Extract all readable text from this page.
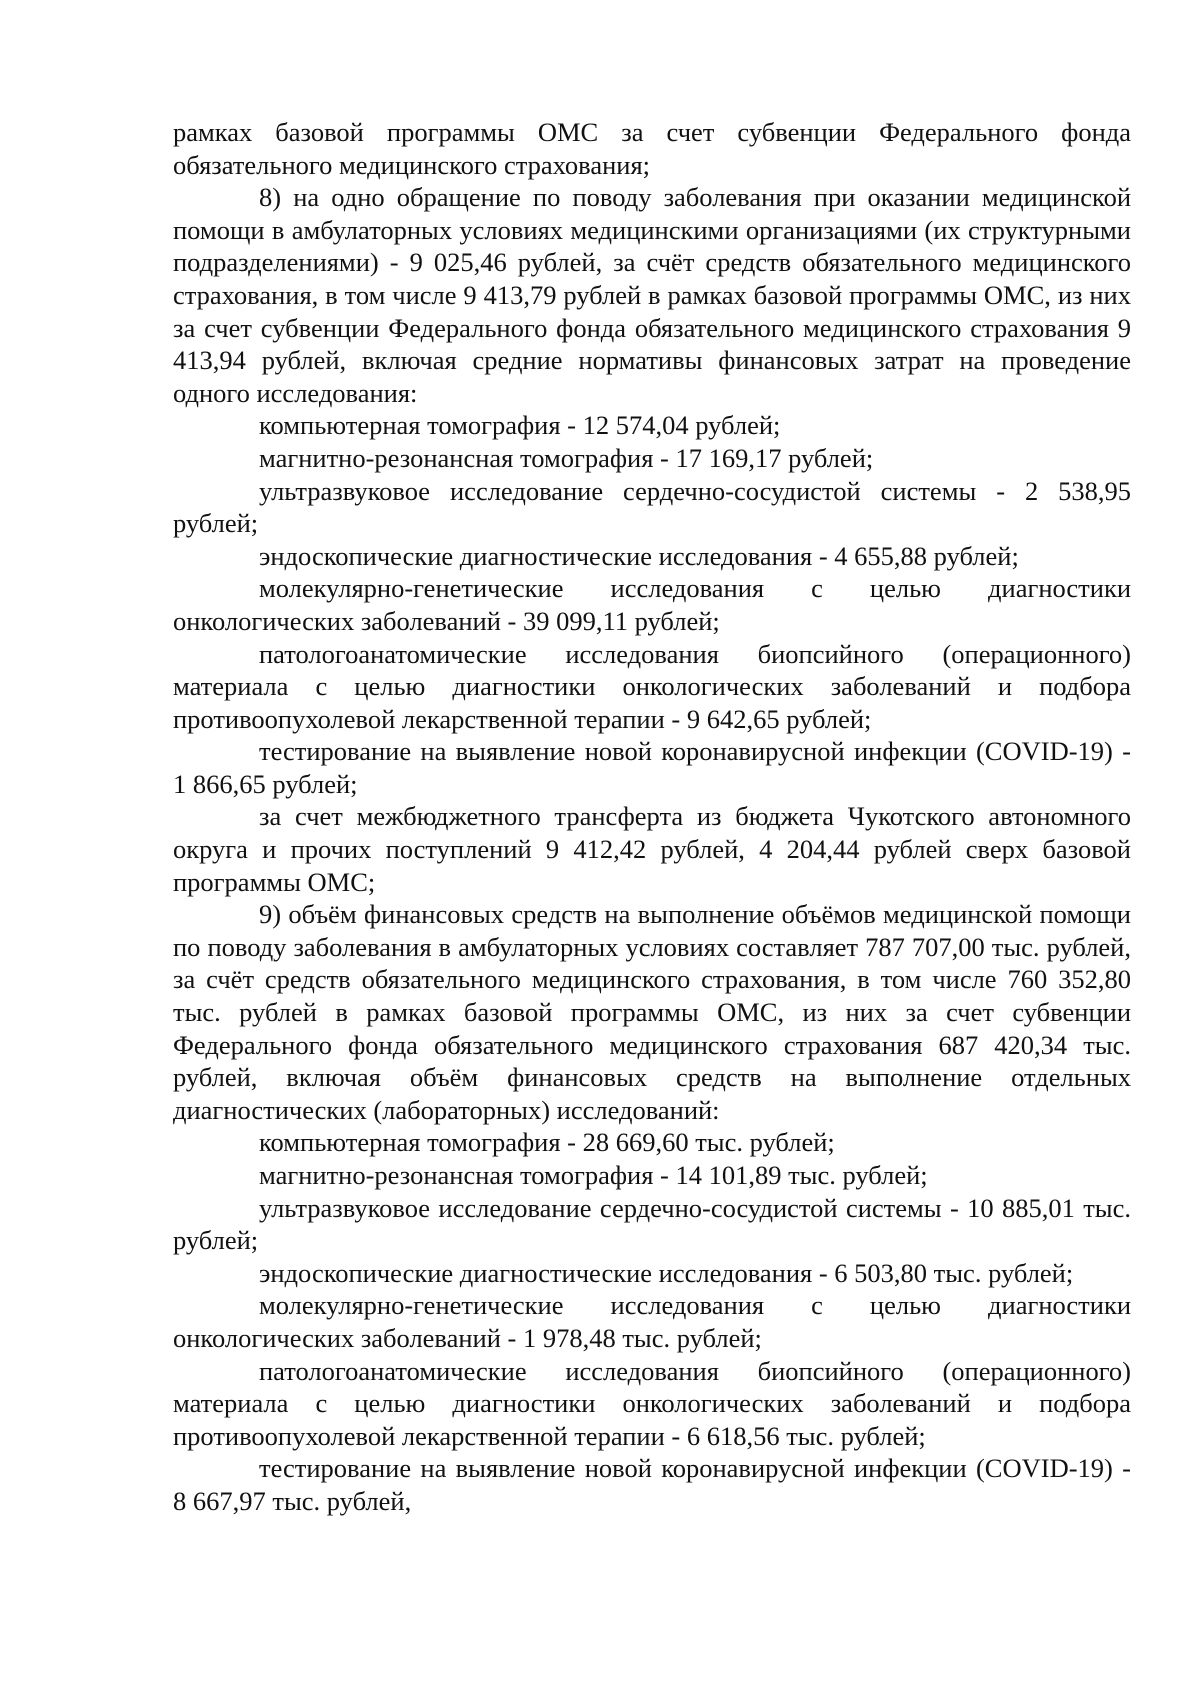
рамках базовой программы ОМС за счет субвенции Федерального фонда обязательного медицинского страхования;

8) на одно обращение по поводу заболевания при оказании медицинской помощи в амбулаторных условиях медицинскими организациями (их структурными подразделениями) - 9 025,46 рублей, за счёт средств обязательного медицинского страхования, в том числе 9 413,79 рублей в рамках базовой программы ОМС, из них за счет субвенции Федерального фонда обязательного медицинского страхования 9 413,94 рублей, включая средние нормативы финансовых затрат на проведение одного исследования:

компьютерная томография - 12 574,04 рублей;

магнитно-резонансная томография - 17 169,17 рублей;

ультразвуковое исследование сердечно-сосудистой системы - 2 538,95 рублей;

эндоскопические диагностические исследования - 4 655,88 рублей;

молекулярно-генетические исследования с целью диагностики онкологических заболеваний - 39 099,11 рублей;

патологоанатомические исследования биопсийного (операционного) материала с целью диагностики онкологических заболеваний и подбора противоопухолевой лекарственной терапии - 9 642,65 рублей;

тестирование на выявление новой коронавирусной инфекции (COVID-19) - 1 866,65 рублей;

за счет межбюджетного трансферта из бюджета Чукотского автономного округа и прочих поступлений 9 412,42 рублей, 4 204,44 рублей сверх базовой программы ОМС;

9) объём финансовых средств на выполнение объёмов медицинской помощи по поводу заболевания в амбулаторных условиях составляет 787 707,00 тыс. рублей, за счёт средств обязательного медицинского страхования, в том числе 760 352,80 тыс. рублей в рамках базовой программы ОМС, из них за счет субвенции Федерального фонда обязательного медицинского страхования 687 420,34 тыс. рублей, включая объём финансовых средств на выполнение отдельных диагностических (лабораторных) исследований:

компьютерная томография - 28 669,60 тыс. рублей;

магнитно-резонансная томография - 14 101,89 тыс. рублей;

ультразвуковое исследование сердечно-сосудистой системы - 10 885,01 тыс. рублей;

эндоскопические диагностические исследования - 6 503,80 тыс. рублей;

молекулярно-генетические исследования с целью диагностики онкологических заболеваний - 1 978,48 тыс. рублей;

патологоанатомические исследования биопсийного (операционного) материала с целью диагностики онкологических заболеваний и подбора противоопухолевой лекарственной терапии - 6 618,56 тыс. рублей;

тестирование на выявление новой коронавирусной инфекции (COVID-19) - 8 667,97 тыс. рублей,
